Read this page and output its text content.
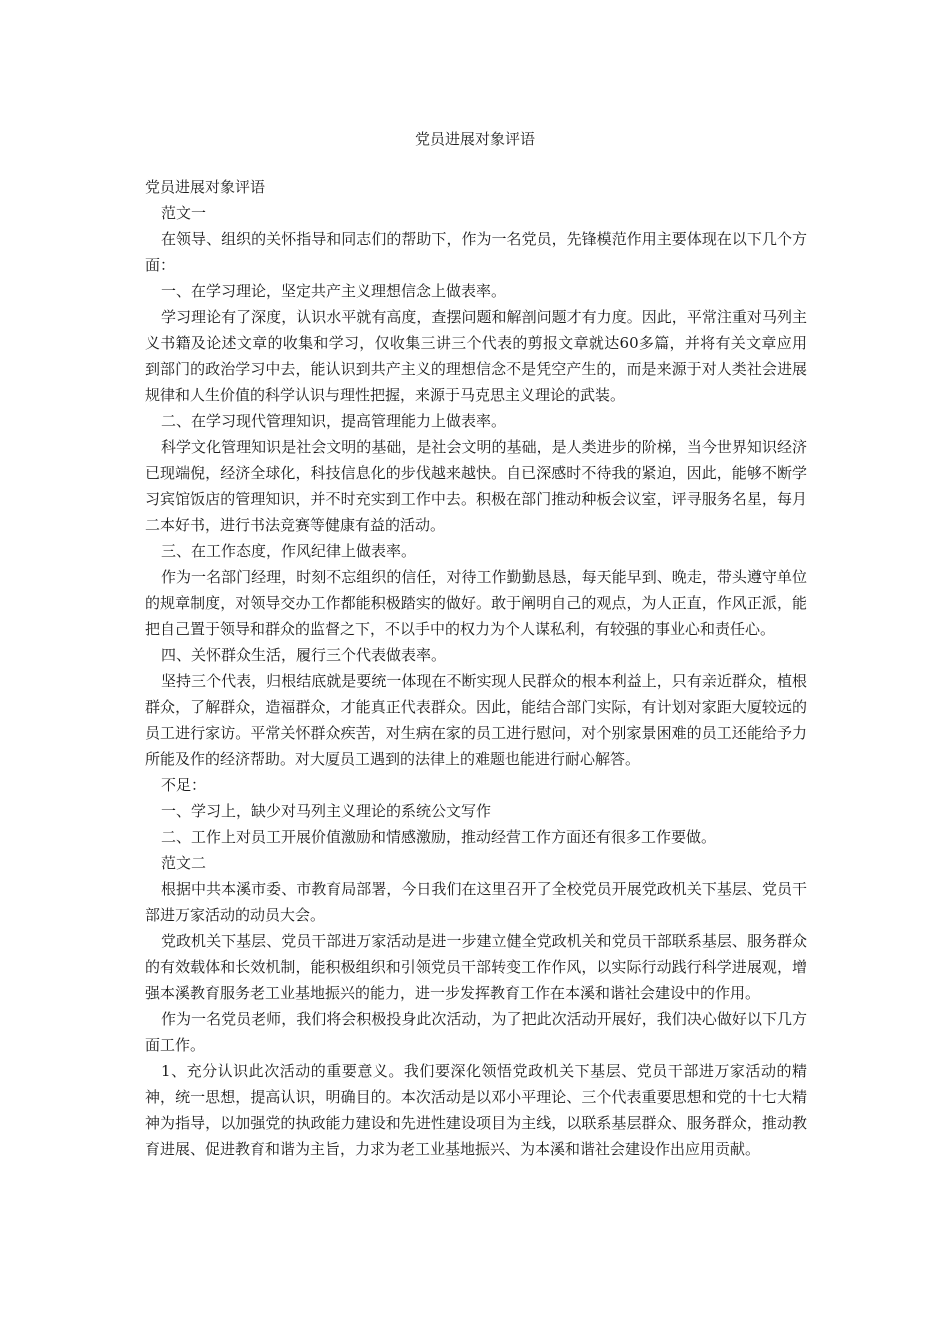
党员进展对象评语

党员进展对象评语

范文一

在领导、组织的关怀指导和同志们的帮助下，作为一名党员，先锋模范作用主要体现在以下几个方面：

一、在学习理论，坚定共产主义理想信念上做表率。

学习理论有了深度，认识水平就有高度，查摆问题和解剖问题才有力度。因此，平常注重对马列主义书籍及论述文章的收集和学习，仅收集三讲三个代表的剪报文章就达60多篇，并将有关文章应用到部门的政治学习中去，能认识到共产主义的理想信念不是凭空产生的，而是来源于对人类社会进展规律和人生价值的科学认识与理性把握，来源于马克思主义理论的武装。

二、在学习现代管理知识，提高管理能力上做表率。

科学文化管理知识是社会文明的基础，是社会文明的基础，是人类进步的阶梯，当今世界知识经济已现端倪，经济全球化，科技信息化的步伐越来越快。自已深感时不待我的紧迫，因此，能够不断学习宾馆饭店的管理知识，并不时充实到工作中去。积极在部门推动种板会议室，评寻服务名星，每月二本好书，进行书法竞赛等健康有益的活动。

三、在工作态度，作风纪律上做表率。

作为一名部门经理，时刻不忘组织的信任，对待工作勤勤恳恳，每天能早到、晚走，带头遵守单位的规章制度，对领导交办工作都能积极踏实的做好。敢于阐明自己的观点，为人正直，作风正派，能把自己置于领导和群众的监督之下，不以手中的权力为个人谋私利，有较强的事业心和责任心。

四、关怀群众生活，履行三个代表做表率。

坚持三个代表，归根结底就是要统一体现在不断实现人民群众的根本利益上，只有亲近群众，植根群众，了解群众，造福群众，才能真正代表群众。因此，能结合部门实际，有计划对家距大厦较远的员工进行家访。平常关怀群众疾苦，对生病在家的员工进行慰问，对个别家景困难的员工还能给予力所能及作的经济帮助。对大厦员工遇到的法律上的难题也能进行耐心解答。

不足：

一、学习上，缺少对马列主义理论的系统公文写作

二、工作上对员工开展价值激励和情感激励，推动经营工作方面还有很多工作要做。

范文二

根据中共本溪市委、市教育局部署，今日我们在这里召开了全校党员开展党政机关下基层、党员干部进万家活动的动员大会。

党政机关下基层、党员干部进万家活动是进一步建立健全党政机关和党员干部联系基层、服务群众的有效载体和长效机制，能积极组织和引领党员干部转变工作作风，以实际行动践行科学进展观，增强本溪教育服务老工业基地振兴的能力，进一步发挥教育工作在本溪和谐社会建设中的作用。

作为一名党员老师，我们将会积极投身此次活动，为了把此次活动开展好，我们决心做好以下几方面工作。

1、充分认识此次活动的重要意义。我们要深化领悟党政机关下基层、党员干部进万家活动的精神，统一思想，提高认识，明确目的。本次活动是以邓小平理论、三个代表重要思想和党的十七大精神为指导，以加强党的执政能力建设和先进性建设项目为主线，以联系基层群众、服务群众，推动教育进展、促进教育和谐为主旨，力求为老工业基地振兴、为本溪和谐社会建设作出应用贡献。
